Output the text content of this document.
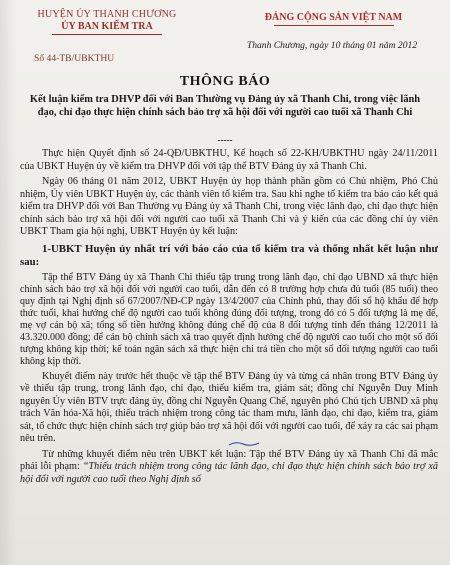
HUYỆN ỦY THANH CHƯƠNG
ỦY BAN KIỂM TRA
Số 44-TB/UBKTHU
ĐẢNG CỘNG SẢN VIỆT NAM
Thanh Chương, ngày 10 tháng 01 năm 2012
THÔNG BÁO
Kết luận kiểm tra DHVP đối với Ban Thường vụ Đảng ủy xã Thanh Chi, trong việc lãnh đạo, chỉ đạo thực hiện chính sách bảo trợ xã hội đối với người cao tuổi xã Thanh Chi
-----

Thực hiện Quyết định số 24-QĐ/UBKTHU, Kế hoạch số 22-KH/UBKTHU ngày 24/11/2011 của UBKT Huyện ủy về kiểm tra DHVP đối với tập thể BTV Đảng ủy xã Thanh Chi.

Ngày 06 tháng 01 năm 2012, UBKT Huyện ủy họp thành phần gồm có Chủ nhiệm, Phó Chủ nhiệm, Ủy viên UBKT Huyện ủy, các thành viên tổ kiểm tra. Sau khi nghe tổ kiểm tra báo cáo kết quả kiểm tra DHVP đối với Ban Thường vụ Đảng ủy xã Thanh Chi, trong việc lãnh đạo, chỉ đạo thực hiện chính sách bảo trợ xã hội đối với người cao tuổi xã Thanh Chi và ý kiến của các đồng chí ủy viên UBKT Tham gia hội nghị, UBKT Huyện ủy kết luận:

1-UBKT Huyện ủy nhất trí với báo cáo của tổ kiểm tra và thống nhất kết luận như sau:

Tập thể BTV Đảng ủy xã Thanh Chi thiếu tập trung trong lãnh đạo, chỉ đạo UBND xã thực hiện chính sách bảo trợ xã hội đối với người cao tuổi, dẫn đến có 8 trường hợp chưa đủ tuổi (85 tuổi) theo quy định tại Nghị định số 67/2007/NĐ-CP ngày 13/4/2007 của Chính phủ, thay đổi sổ hộ khẩu để hợp thức tuổi, khai hướng chế độ người cao tuổi không đúng đối tượng, trong đó có 5 đối tượng là mẹ để, mẹ vợ cán bộ xã; tổng số tiền hưởng không đúng chế độ của 8 đối tượng tính đến tháng 12/2011 là 43.320.000 đồng; để cán bộ chính sách xã trao quyết định hưởng chế độ người cao tuổi cho một số đối tượng không kịp thời; kế toán ngân sách xã thực hiện chi trả tiền cho một số đối tượng người cao tuổi không kịp thời.

Khuyết điểm này trước hết thuộc về tập thể BTV Đảng ủy và từng cá nhân trong BTV Đảng ủy về thiếu tập trung, trong lãnh đạo, chỉ đạo, thiếu kiểm tra, giám sát; đồng chí Nguyễn Duy Minh nguyên Ủy viên BTV trực đảng ủy, đồng chí Nguyễn Quang Chế, nguyên phó Chủ tịch UBND xã phụ trách Văn hóa-Xã hội, thiếu trách nhiệm trong công tác tham mưu, lãnh đạo, chỉ đạo, kiểm tra, giám sát, tổ chức thực hiện chính sách trợ giúp bảo trợ xã hội đối với người cao tuổi, để xảy ra các sai phạm nêu trên.

Từ những khuyết điểm nêu trên UBKT kết luận: Tập thể BTV Đảng ủy xã Thanh Chi đã mắc phải lỗi phạm: “Thiếu trách nhiệm trong công tác lãnh đạo, chỉ đạo thực hiện chính sách bảo trợ xã hội đối với người cao tuổi theo Nghị định số
